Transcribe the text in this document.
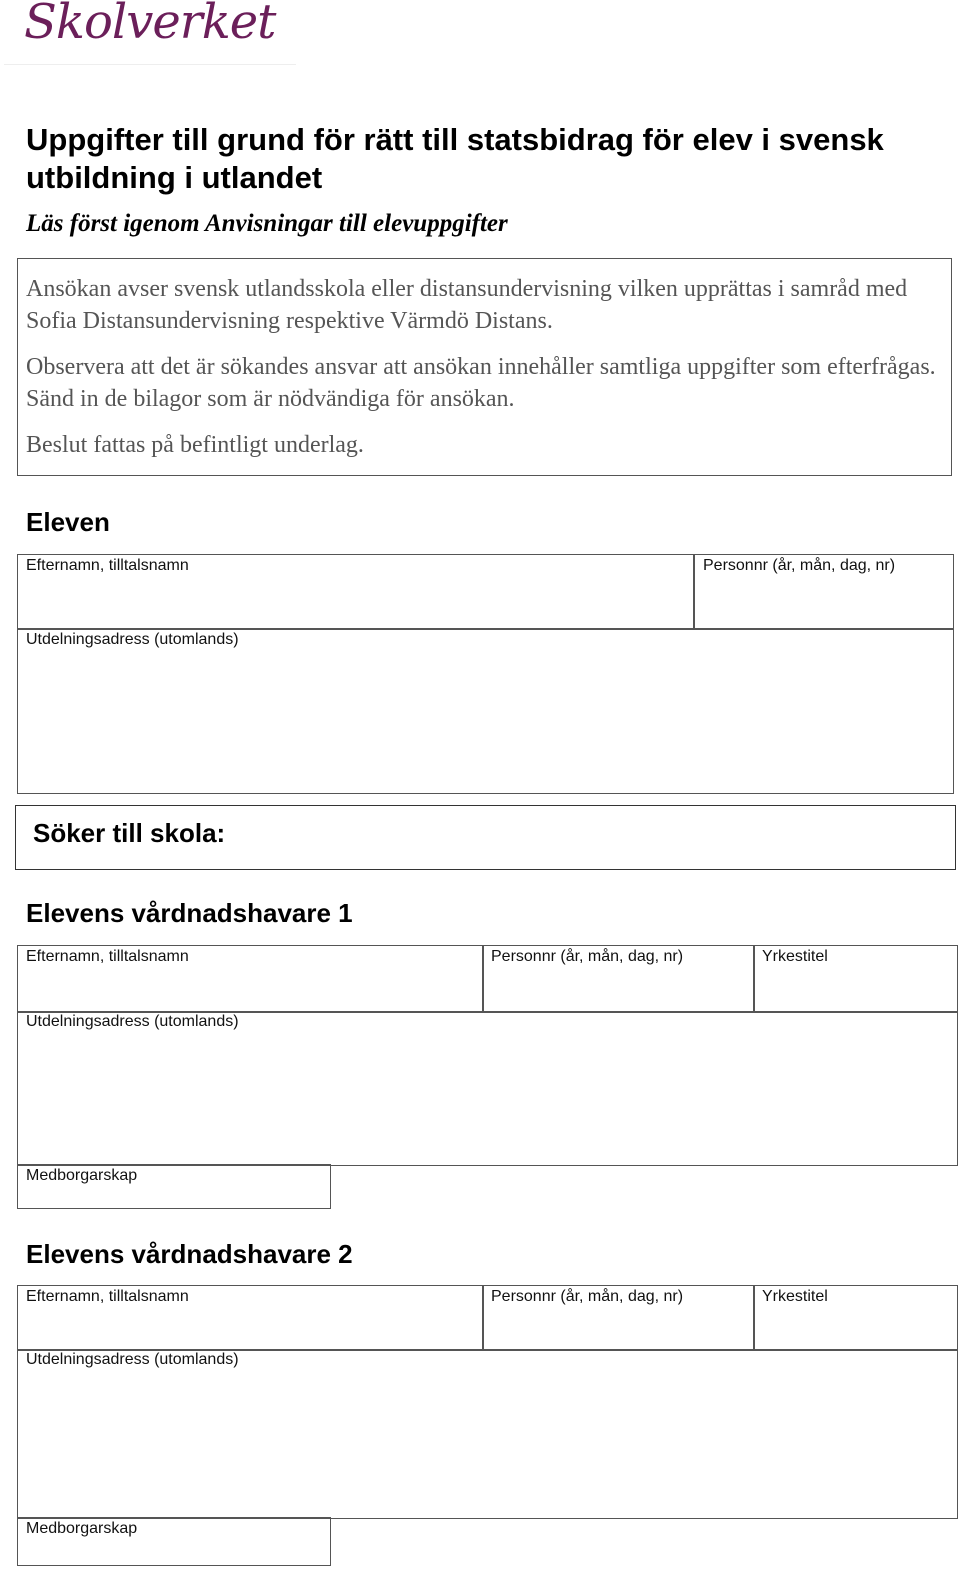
Skolverket
Uppgifter till grund för rätt till statsbidrag för elev i svensk utbildning i utlandet
Läs först igenom Anvisningar till elevuppgifter

Ansökan avser svensk utlandsskola eller distansundervisning vilken upprättas i samråd med Sofia Distansundervisning respektive Värmdö Distans.

Observera att det är sökandes ansvar att ansökan innehåller samtliga uppgifter som efterfrågas. Sänd in de bilagor som är nödvändiga för ansökan.

Beslut fattas på befintligt underlag.

Eleven
Efternamn, tilltalsnamn	Personnr (år, mån, dag, nr)
Utdelningsadress (utomlands)
Söker till skola:
Elevens vårdnadshavare 1
Efternamn, tilltalsnamn	Personnr (år, mån, dag, nr)	Yrkestitel
Utdelningsadress (utomlands)
Medborgarskap
Elevens vårdnadshavare 2
Efternamn, tilltalsnamn	Personnr (år, mån, dag, nr)	Yrkestitel
Utdelningsadress (utomlands)
Medborgarskap
